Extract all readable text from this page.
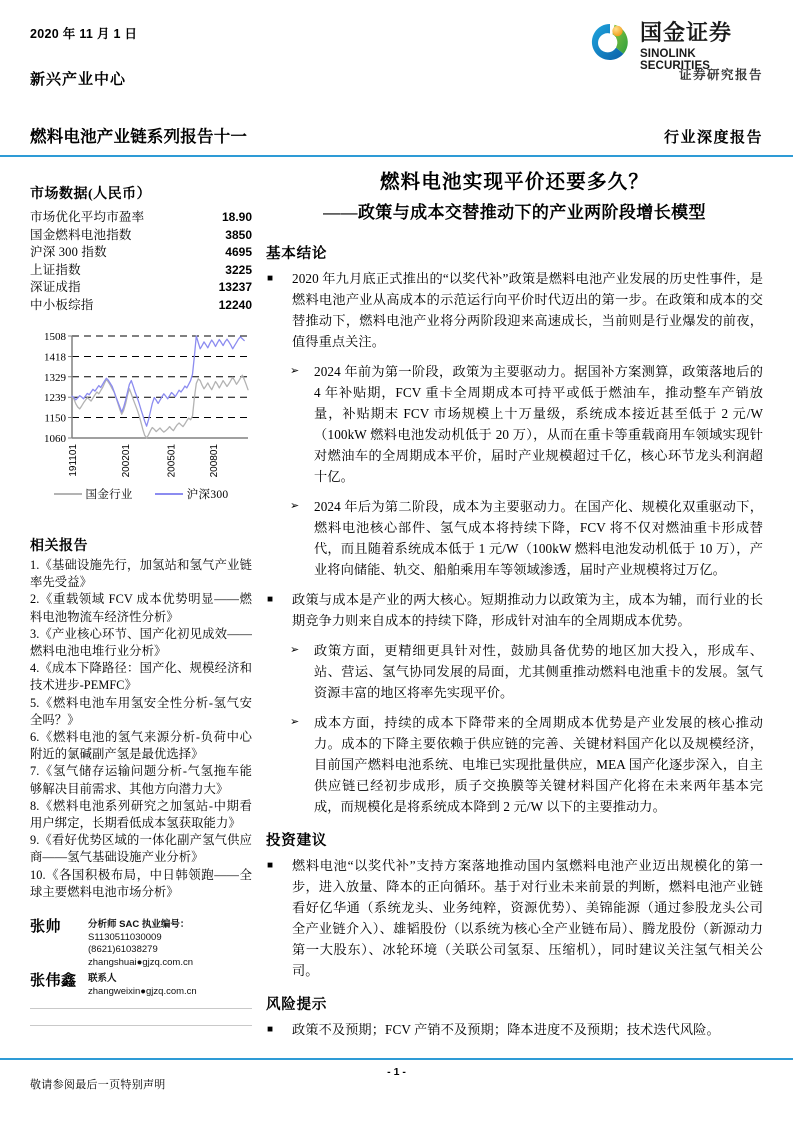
2020 年 11 月 1 日
新兴产业中心
燃料电池产业链系列报告十一	行业深度报告
国金证券
SINOLINK SECURITIES
证券研究报告
市场数据(人民币）
市场优化平均市盈率	18.90
国金燃料电池指数	3850
沪深 300 指数	4695
上证指数	3225
深证成指	13237
中小板综指	12240
1060
1150
1239
1329
1418
1508
191101	200201	200501	200801
国金行业	沪深300
相关报告
1.《基础设施先行，加氢站和氢气产业链率先受益》
2.《重载领域 FCV 成本优势明显——燃料电池物流车经济性分析》
3.《产业核心环节、国产化初见成效——燃料电池电堆行业分析》
4.《成本下降路径：国产化、规模经济和技术进步-PEMFC》
5.《燃料电池车用氢安全性分析-氢气安全吗？》
6.《燃料电池的氢气来源分析-负荷中心附近的氯碱副产氢是最优选择》
7.《氢气储存运输问题分析-气氢拖车能够解决目前需求、其他方向潜力大》
8.《燃料电池系列研究之加氢站-中期看用户绑定，长期看低成本氢获取能力》
9.《看好优势区域的一体化副产氢气供应商——氢气基础设施产业分析》
10.《各国积极布局，中日韩领跑——全球主要燃料电池市场分析》
张帅	分析师 SAC 执业编号：S1130511030009
(8621)61038279
zhangshuai●gjzq.com.cn
张伟鑫	联系人
zhangweixin●gjzq.com.cn
燃料电池实现平价还要多久？
——政策与成本交替推动下的产业两阶段增长模型
基本结论
■ 2020 年九月底正式推出的“以奖代补”政策是燃料电池产业发展的历史性事件，是燃料电池产业从高成本的示范运行向平价时代迈出的第一步。在政策和成本的交替推动下，燃料电池产业将分两阶段迎来高速成长，当前则是行业爆发的前夜，值得重点关注。

➢ 2024 年前为第一阶段，政策为主要驱动力。据国补方案测算，政策落地后的 4 年补贴期，FCV 重卡全周期成本可持平或低于燃油车，推动整车产销放量，补贴期末 FCV 市场规模上十万量级，系统成本接近甚至低于 2 元/W（100kW 燃料电池发动机低于 20 万），从而在重卡等重载商用车领域实现针对燃油车的全周期成本平价，届时产业规模超过千亿，核心环节龙头利润超十亿。

➢ 2024 年后为第二阶段，成本为主要驱动力。在国产化、规模化双重驱动下，燃料电池核心部件、氢气成本将持续下降，FCV 将不仅对燃油重卡形成替代，而且随着系统成本低于 1 元/W（100kW 燃料电池发动机低于 10 万），产业将向储能、轨交、船舶乘用车等领域渗透，届时产业规模将过万亿。

■ 政策与成本是产业的两大核心。短期推动力以政策为主，成本为辅，而行业的长期竞争力则来自成本的持续下降，形成针对油车的全周期成本优势。

➢ 政策方面，更精细更具针对性，鼓励具备优势的地区加大投入，形成车、站、营运、氢气协同发展的局面，尤其侧重推动燃料电池重卡的发展。氢气资源丰富的地区将率先实现平价。

➢ 成本方面，持续的成本下降带来的全周期成本优势是产业发展的核心推动力。成本的下降主要依赖于供应链的完善、关键材料国产化以及规模经济，目前国产燃料电池系统、电堆已实现批量供应，MEA 国产化逐步深入，自主供应链已经初步成形，质子交换膜等关键材料国产化将在未来两年基本完成，而规模化是将系统成本降到 2 元/W 以下的主要推动力。

投资建议
■ 燃料电池“以奖代补”支持方案落地推动国内氢燃料电池产业迈出规模化的第一步，进入放量、降本的正向循环。基于对行业未来前景的判断，燃料电池产业链看好亿华通（系统龙头、业务纯粹，资源优势）、美锦能源（通过参股龙头公司全产业链介入）、雄韬股份（以系统为核心全产业链布局）、腾龙股份（新源动力第一大股东）、冰轮环境（关联公司氢泵、压缩机），同时建议关注氢气相关公司。

风险提示
■ 政策不及预期；FCV 产销不及预期；降本进度不及预期；技术迭代风险。

- 1 -
敬请参阅最后一页特别声明
